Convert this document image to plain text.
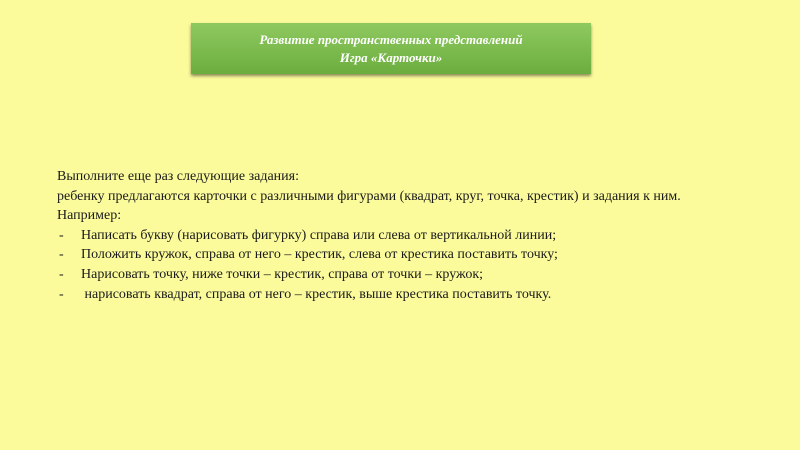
Развитие пространственных представлений
Игра «Карточки»

Выполните еще раз следующие задания:

ребенку предлагаются карточки с различными фигурами (квадрат, круг, точка, крестик) и задания к ним.

Например:

- Написать букву (нарисовать фигурку) справа или слева от вертикальной линии;
- Положить кружок, справа от него – крестик, слева от крестика поставить точку;
- Нарисовать точку, ниже точки – крестик, справа от точки – кружок;
- нарисовать квадрат, справа от него – крестик, выше крестика поставить точку.
